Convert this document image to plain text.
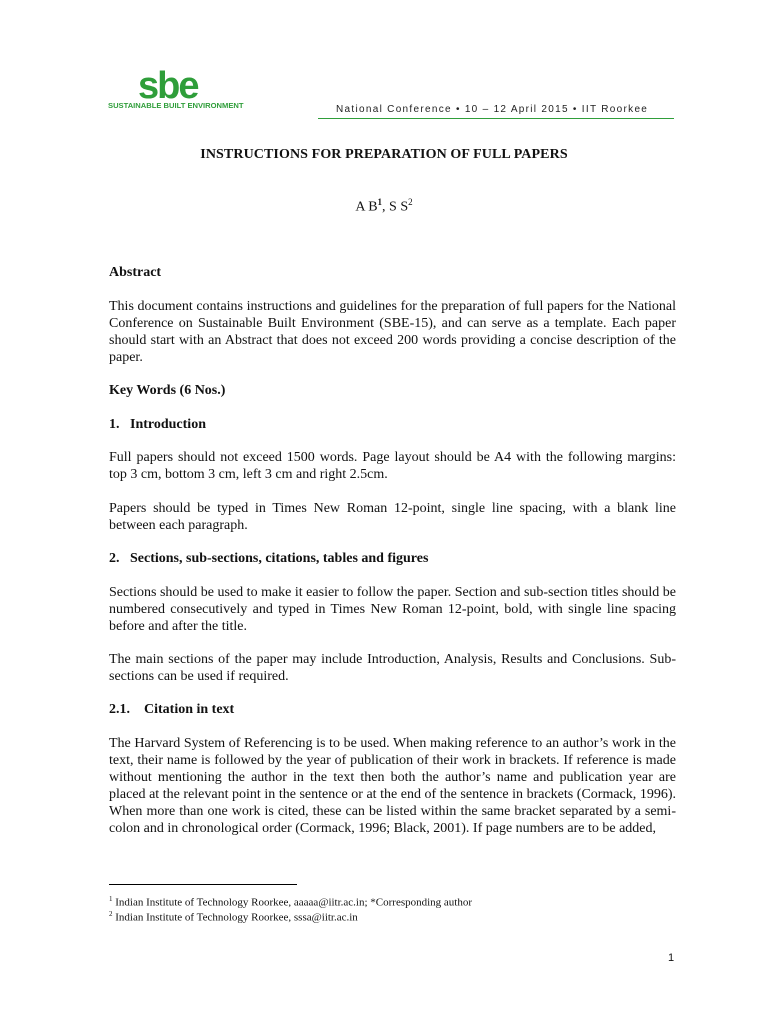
sbe
SUSTAINABLE BUILT ENVIRONMENT	National Conference • 10 – 12 April 2015 • IIT Roorkee
INSTRUCTIONS FOR PREPARATION OF FULL PAPERS
A $B^1$, S $S^2$
Abstract
This document contains instructions and guidelines for the preparation of full papers for the National Conference on Sustainable Built Environment (SBE-15), and can serve as a template. Each paper should start with an Abstract that does not exceed 200 words providing a concise description of the paper.
Key Words (6 Nos.)
1.   Introduction
Full papers should not exceed 1500 words. Page layout should be A4 with the following margins: top 3 cm, bottom 3 cm, left 3 cm and right 2.5cm.
Papers should be typed in Times New Roman 12-point, single line spacing, with a blank line between each paragraph.
2.   Sections, sub-sections, citations, tables and figures
Sections should be used to make it easier to follow the paper. Section and sub-section titles should be numbered consecutively and typed in Times New Roman 12-point, bold, with single line spacing before and after the title.
The main sections of the paper may include Introduction, Analysis, Results and Conclusions. Sub-sections can be used if required.
2.1.    Citation in text
The Harvard System of Referencing is to be used. When making reference to an author’s work in the text, their name is followed by the year of publication of their work in brackets. If reference is made without mentioning the author in the text then both the author’s name and publication year are placed at the relevant point in the sentence or at the end of the sentence in brackets (Cormack, 1996). When more than one work is cited, these can be listed within the same bracket separated by a semi-colon and in chronological order (Cormack, 1996; Black, 2001). If page numbers are to be added,
$^1$ Indian Institute of Technology Roorkee, aaaaa@iitr.ac.in; *Corresponding author
$^2$ Indian Institute of Technology Roorkee, sssa@iitr.ac.in
1
